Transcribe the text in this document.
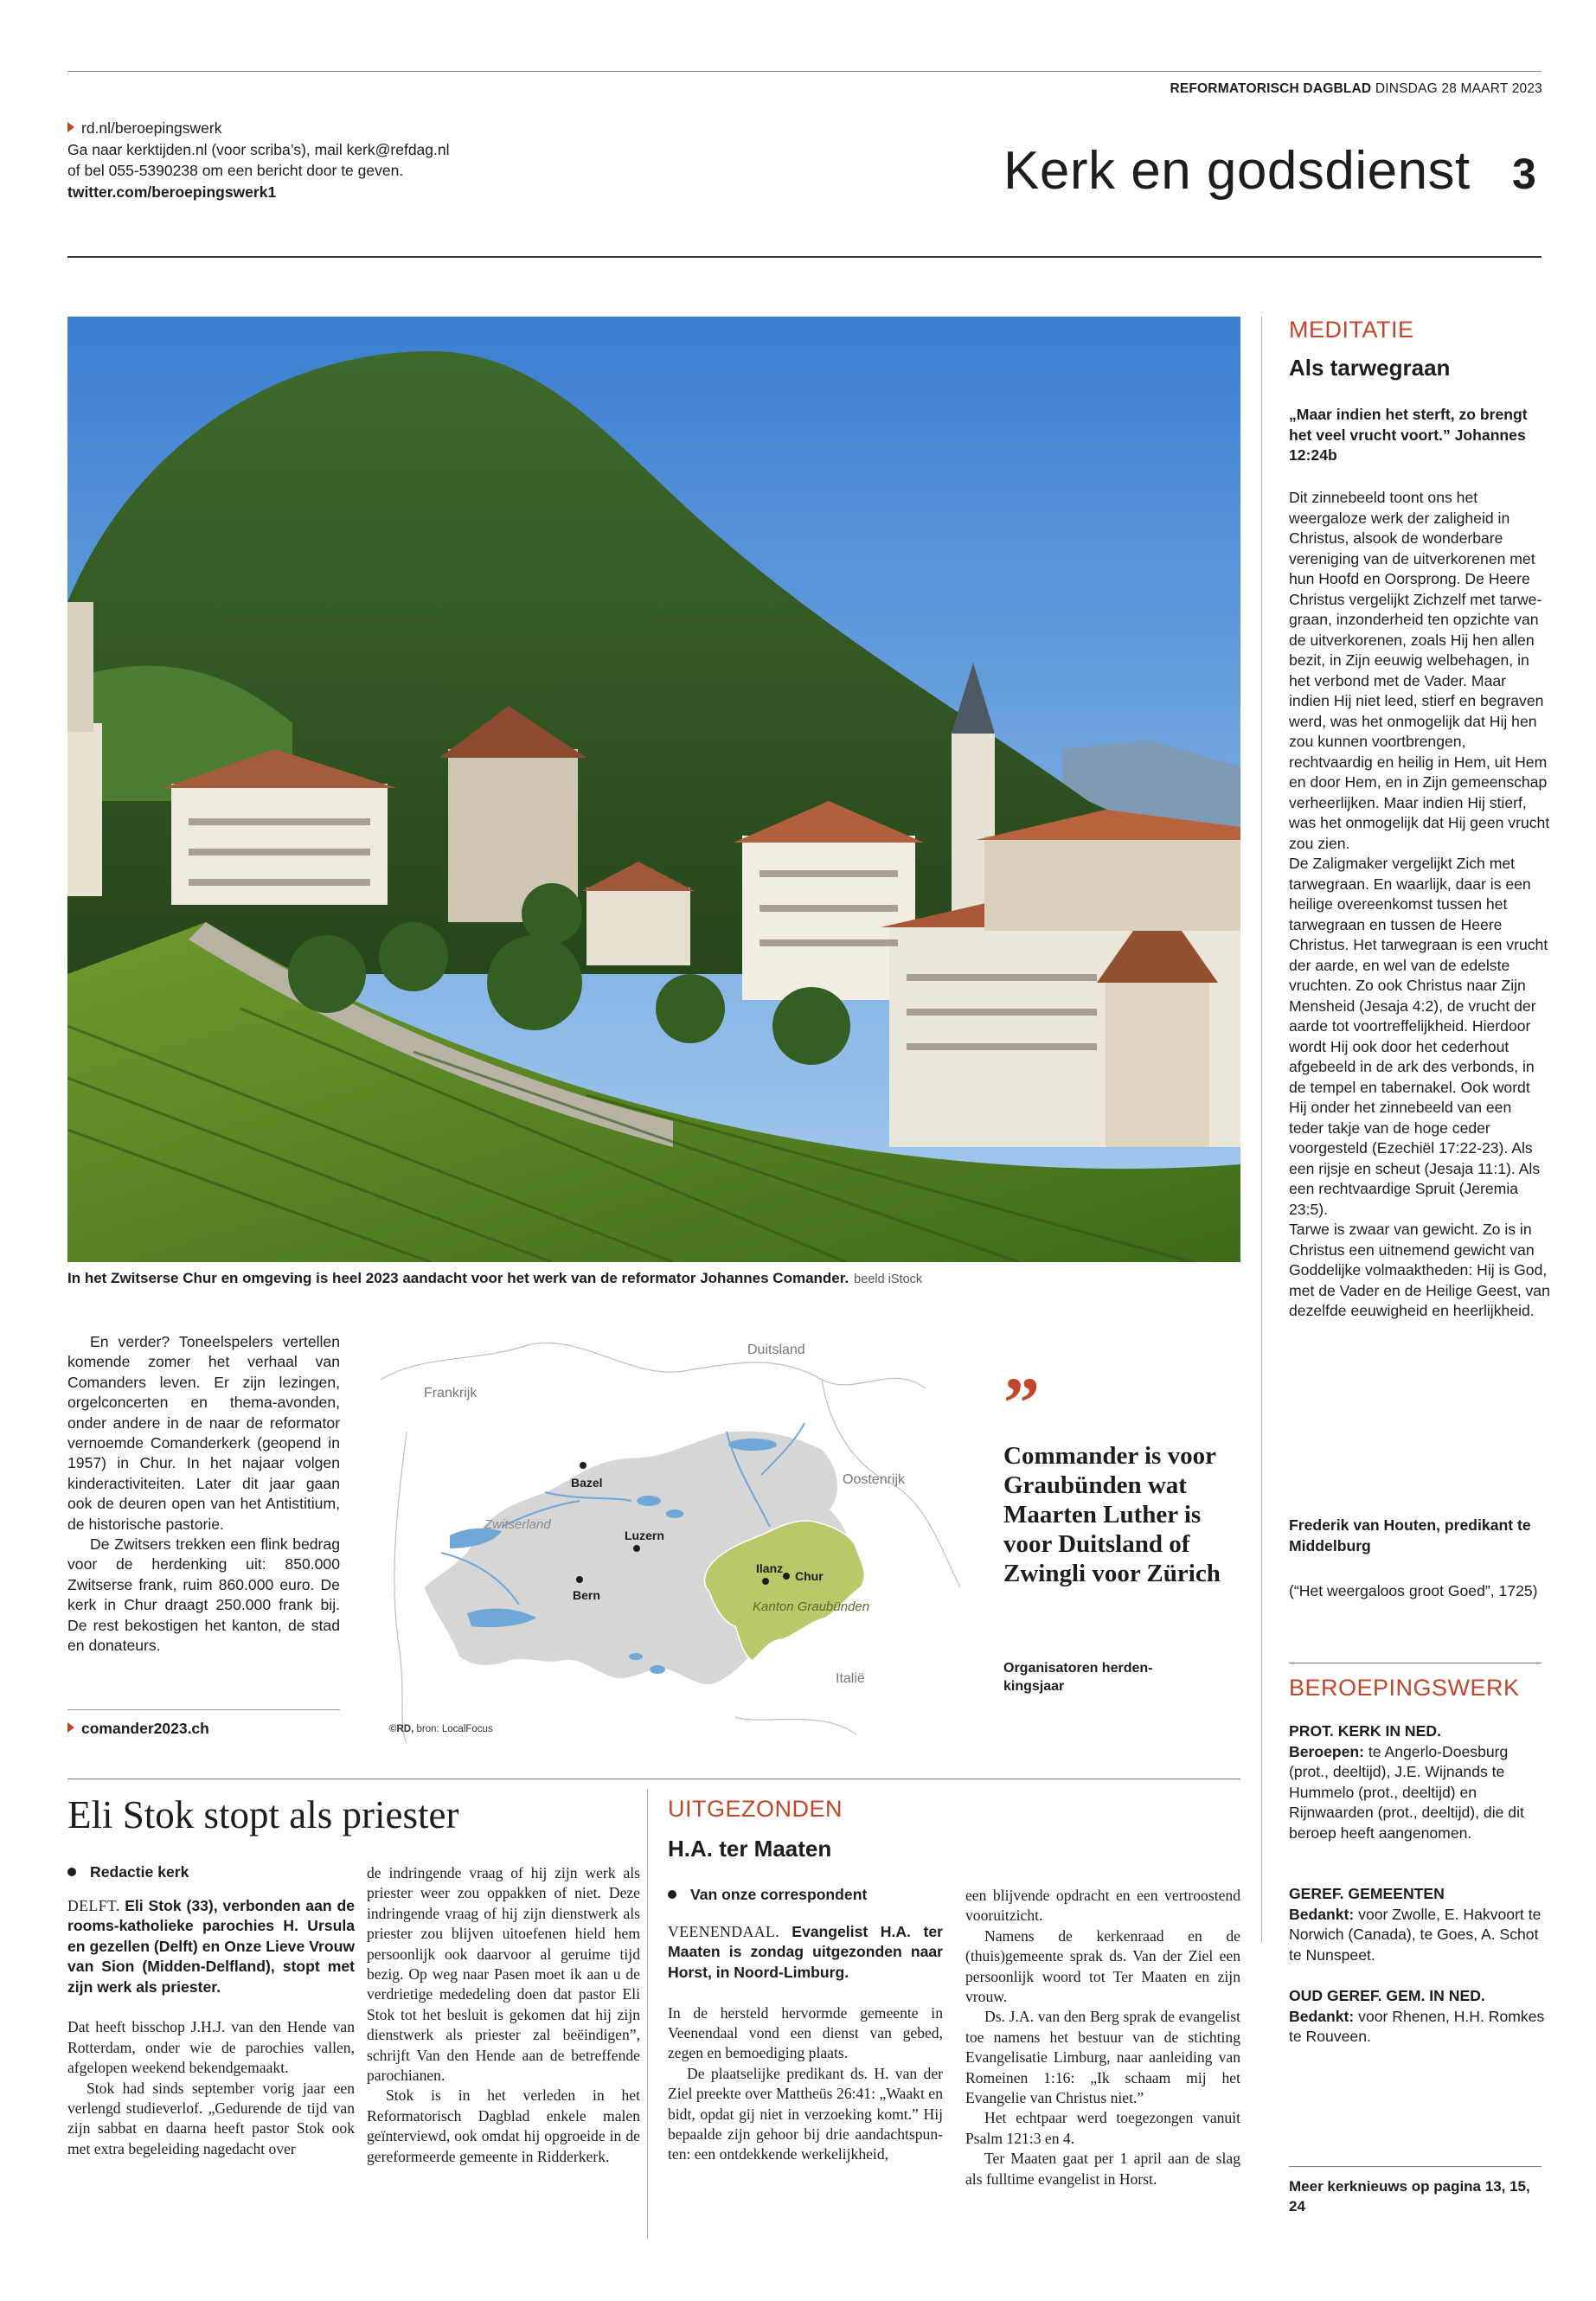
REFORMATORISCH DAGBLAD DINSDAG 28 MAART 2023
rd.nl/beroepingswerk
Ga naar kerktijden.nl (voor scriba’s), mail kerk@refdag.nl
of bel 055-5390238 om een bericht door te geven.
twitter.com/beroepingswerk1	Kerk en godsdienst 3
In het Zwitserse Chur en omgeving is heel 2023 aandacht voor het werk van de reformator Johannes Comander. beeld iStock

En verder? Toneelspelers vertellen komende zomer het verhaal van Comanders leven. Er zijn lezingen, orgelconcerten en thema-avonden, onder andere in de naar de reformator vernoemde Comanderkerk (geopend in 1957) in Chur. In het najaar volgen kinderactiviteiten. Later dit jaar gaan ook de deuren open van het Antistitium, de historische pastorie.

De Zwitsers trekken een flink bedrag voor de herdenking uit: 850.000 Zwitserse frank, ruim 860.000 euro. De kerk in Chur draagt 250.000 frank bij. De rest bekostigen het kanton, de stad en donateurs.

comander2023.ch
Duitsland
Frankrijk
Oostenrijk
Italië
Zwitserland
Bazel
Bern
Luzern
Ilanz
Chur
Kanton Graubünden
©RD, bron: LocalFocus
”
Commander is voor Graubünden wat Maarten Luther is voor Duitsland of Zwingli voor Zürich
Organisatoren herdenkingsjaar
MEDITATIE
Als tarwegraan
„Maar indien het sterft, zo brengt het veel vrucht voort.” Johannes 12:24b
Dit zinnebeeld toont ons het weergaloze werk der zaligheid in Christus, alsook de wonderbare vereniging van de uitverkorenen met hun Hoofd en Oorsprong. De Heere Christus vergelijkt Zichzelf met tarwegraan, inzonderheid ten opzichte van de uitverkorenen, zoals Hij hen allen bezit, in Zijn eeuwig welbehagen, in het verbond met de Vader. Maar indien Hij niet leed, stierf en begraven werd, was het onmogelijk dat Hij hen zou kunnen voortbrengen, rechtvaardig en heilig in Hem, uit Hem en door Hem, en in Zijn gemeenschap verheerlijken. Maar indien Hij stierf, was het onmogelijk dat Hij geen vrucht zou zien.
De Zaligmaker vergelijkt Zich met tarwegraan. En waarlijk, daar is een heilige overeenkomst tussen het tarwegraan en tussen de Heere Christus. Het tarwegraan is een vrucht der aarde, en wel van de edelste vruchten. Zo ook Christus naar Zijn Mensheid (Jesaja 4:2), de vrucht der aarde tot voortreffelijkheid. Hierdoor wordt Hij ook door het cederhout afgebeeld in de ark des verbonds, in de tempel en tabernakel. Ook wordt Hij onder het zinnebeeld van een teder takje van de hoge ceder voorgesteld (Ezechiël 17:22-23). Als een rijsje en scheut (Jesaja 11:1). Als een rechtvaardige Spruit (Jeremia 23:5).
Tarwe is zwaar van gewicht. Zo is in Christus een uitnemend gewicht van Goddelijke volmaaktheden: Hij is God, met de Vader en de Heilige Geest, van dezelfde eeuwigheid en heerlijkheid.
Frederik van Houten, predikant te Middelburg
(“Het weergaloos groot Goed”, 1725)
BEROEPINGSWERK
PROT. KERK IN NED.
Beroepen: te Angerlo-Doesburg (prot., deeltijd), J.E. Wijnands te Hummelo (prot., deeltijd) en Rijnwaarden (prot., deeltijd), die dit beroep heeft aangenomen.
GEREF. GEMEENTEN
Bedankt: voor Zwolle, E. Hakvoort te Norwich (Canada), te Goes, A. Schot te Nunspeet.
OUD GEREF. GEM. IN NED.
Bedankt: voor Rhenen, H.H. Romkes te Rouveen.
Meer kerknieuws op pagina 13, 15, 24
Eli Stok stopt als priester
Redactie kerk

DELFT. Eli Stok (33), verbonden aan de rooms-katholieke parochies H. Ursula en gezellen (Delft) en Onze Lieve Vrouw van Sion (Midden-Delfland), stopt met zijn werk als priester.

Dat heeft bisschop J.H.J. van den Hende van Rotterdam, onder wie de parochies vallen, afgelopen weekend bekendgemaakt.

Stok had sinds september vorig jaar een verlengd studieverlof. „Gedurende de tijd van zijn sabbat en daarna heeft pastor Stok ook met extra begeleiding nagedacht over

de indringende vraag of hij zijn werk als priester weer zou oppakken of niet. Deze indringende vraag of hij zijn dienstwerk als priester zou blijven uitoefenen hield hem persoonlijk ook daarvoor al geruime tijd bezig. Op weg naar Pasen moet ik aan u de verdrietige mededeling doen dat pastor Eli Stok tot het besluit is gekomen dat hij zijn dienstwerk als priester zal beëindigen”, schrijft Van den Hende aan de betreffende parochianen.

Stok is in het verleden in het Reformatorisch Dagblad enkele malen geïnterviewd, ook omdat hij opgroeide in de gereformeerde gemeente in Ridderkerk.

UITGEZONDEN
H.A. ter Maaten
Van onze correspondent

VEENENDAAL. Evangelist H.A. ter Maaten is zondag uitgezonden naar Horst, in Noord-Limburg.

In de hersteld hervormde gemeente in Veenendaal vond een dienst van gebed, zegen en bemoediging plaats.

De plaatselijke predikant ds. H. van der Ziel preekte over Mattheüs 26:41: „Waakt en bidt, opdat gij niet in verzoeking komt.” Hij bepaalde zijn gehoor bij drie aandachtspunten: een ontdekkende werkelijkheid,

een blijvende opdracht en een vertroostend vooruitzicht.

Namens de kerkenraad en de (thuis)gemeente sprak ds. Van der Ziel een persoonlijk woord tot Ter Maaten en zijn vrouw.

Ds. J.A. van den Berg sprak de evangelist toe namens het bestuur van de stichting Evangelisatie Limburg, naar aanleiding van Romeinen 1:16: „Ik schaam mij het Evangelie van Christus niet.”

Het echtpaar werd toegezongen vanuit Psalm 121:3 en 4.

Ter Maaten gaat per 1 april aan de slag als fulltime evangelist in Horst.
